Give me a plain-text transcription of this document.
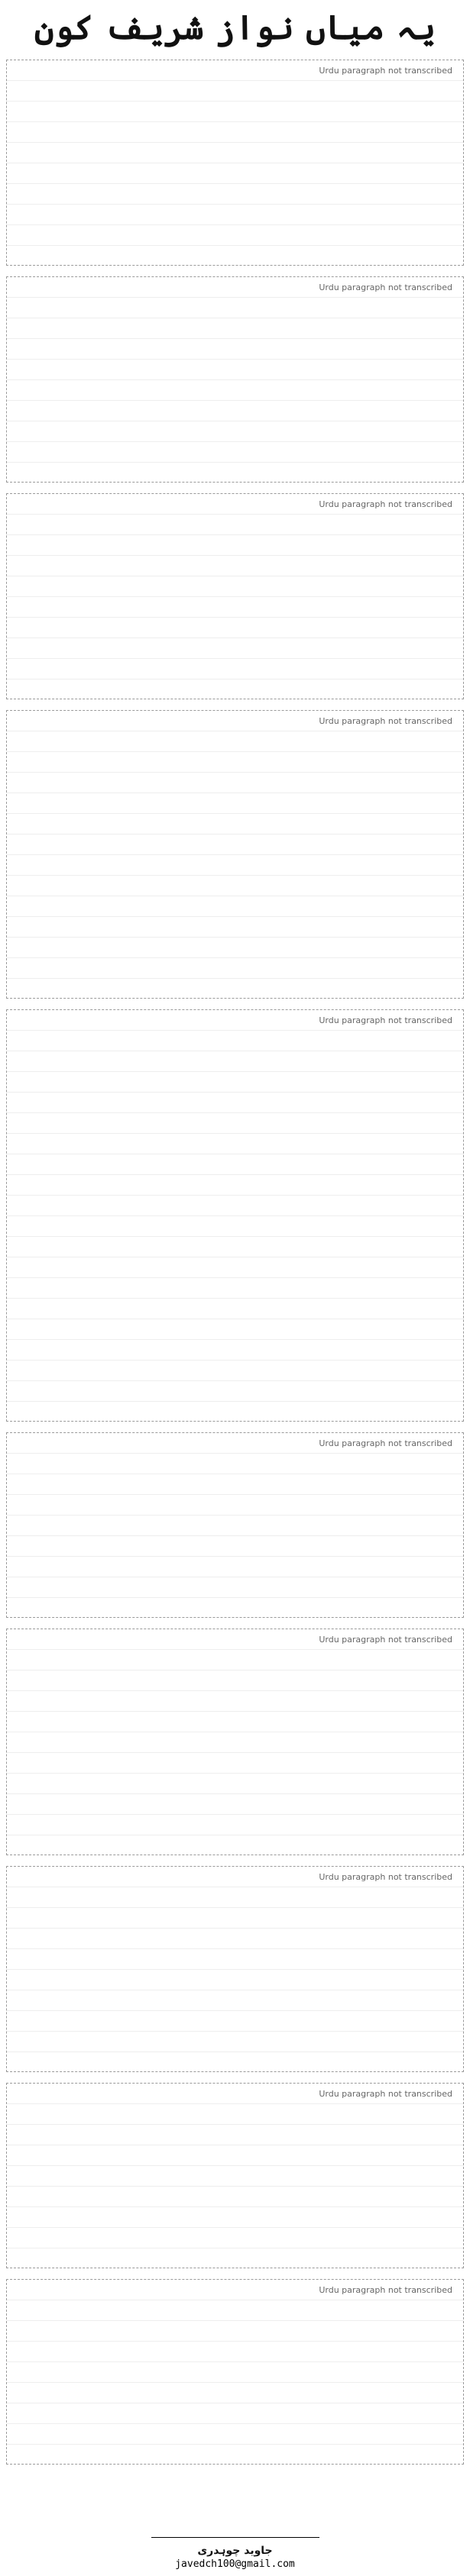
یہ میاں نواز شریف کون
Urdu paragraph not transcribed
Urdu paragraph not transcribed
Urdu paragraph not transcribed
Urdu paragraph not transcribed
Urdu paragraph not transcribed
Urdu paragraph not transcribed
Urdu paragraph not transcribed
Urdu paragraph not transcribed
Urdu paragraph not transcribed
Urdu paragraph not transcribed
جاوید چوہدری
javedch100@gmail.com
